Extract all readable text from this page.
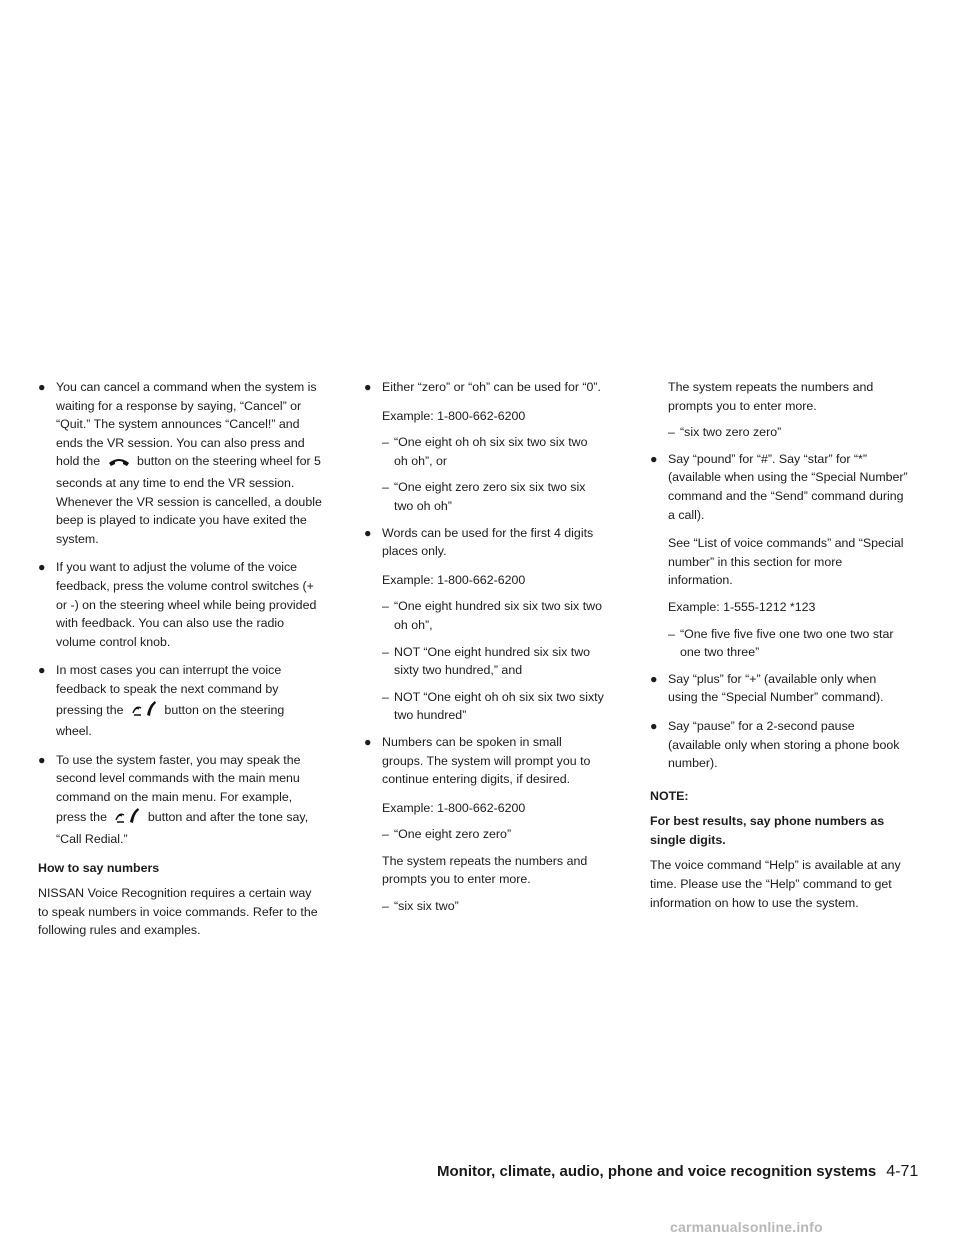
● You can cancel a command when the system is waiting for a response by saying, “Cancel” or “Quit.” The system announces “Cancel!” and ends the VR session. You can also press and hold the	button on the steering wheel for 5 seconds at any time to end the VR session. Whenever the VR session is cancelled, a double beep is played to indicate you have exited the system.
● If you want to adjust the volume of the voice feedback, press the volume control switches (+ or -) on the steering wheel while being provided with feedback. You can also use the radio volume control knob.
● In most cases you can interrupt the voice feedback to speak the next command by pressing the	button on the steering wheel.
● To use the system faster, you may speak the second level commands with the main menu command on the main menu. For example, press the	button and after the tone say, “Call Redial.”

How to say numbers

NISSAN Voice Recognition requires a certain way to speak numbers in voice commands. Refer to the following rules and examples.

● Either “zero” or “oh” can be used for “0”.

Example: 1-800-662-6200

– “One eight oh oh six six two six two oh oh”, or
– “One eight zero zero six six two six two oh oh”
● Words can be used for the first 4 digits places only.

Example: 1-800-662-6200

– “One eight hundred six six two six two oh oh”,
– NOT “One eight hundred six six two sixty two hundred,” and
– NOT “One eight oh oh six six two sixty two hundred”
● Numbers can be spoken in small groups. The system will prompt you to continue entering digits, if desired.

Example: 1-800-662-6200

– “One eight zero zero”

The system repeats the numbers and prompts you to enter more.

– “six six two”

The system repeats the numbers and prompts you to enter more.

– “six two zero zero”
● Say “pound” for “#”. Say “star” for “*” (available when using the “Special Number” command and the “Send” command during a call).

See “List of voice commands” and “Special number” in this section for more information.

Example: 1-555-1212 *123

– “One five five five one two one two star one two three”
● Say “plus” for “+” (available only when using the “Special Number” command).
● Say “pause” for a 2-second pause (available only when storing a phone book number).

NOTE:

For best results, say phone numbers as single digits.

The voice command “Help” is available at any time. Please use the “Help” command to get information on how to use the system.

Monitor, climate, audio, phone and voice recognition systems 4-71
carmanualsonline.info
